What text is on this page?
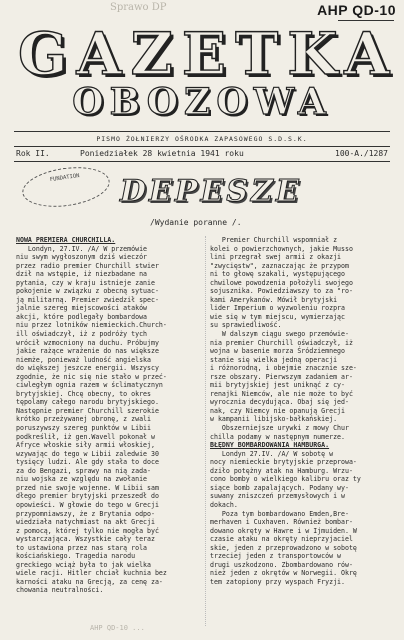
Sprawo DP	AHP QD-10
GAZETKA
OBOZOWA
PISMO ŻOŁNIERZY OŚRODKA ZAPASOWEGO S.D.S.K.
Rok II.	Poniedziałek 28 kwietnia 1941 roku	100-A./1287
FUNDATION	DEPESZE
/Wydanie poranne /.
NOWA PREMIERA CHURCHILLA.
Londyn, 27.IV. /A/ W przemówie
niu swym wygłoszonym dziś wieczór
przez radio premier Churchill stwier
dził na wstępie, iż niezbadane na
pytania, czy w kraju istnieje zanie
pokojenie w związku z obecną sytuac-
ją militarną. Premier zwiedził spec-
jalnie szereg miejscowości ataków
akcji, które podlegały bombardowa
niu przez lotników niemieckich.Church-
ill oświadczył, iż z podróży tych
wrócił wzmocniony na duchu. Próbujmy
jakie rażące wrażenie do nas większe
niemże, ponieważ ludność angielska
do większej jeszcze energii. Wszyscy
zgodnie, że nic się nie stało w przeć-
ciwległym ognia razem w śclimatycznyn
brytyjskiej. Chcę obecny, to okres
tępolamy całego narodu brytyjskiego.
Następnie premier Churchill szerokie
krótko przeżywanej obronę, z zwali
poruszywszy szereg punktów w Libii
podkreślił, iż gen.Wavell pokonał w
Afryce włoskie siły armii włoskiej,
wzywając do tego w Libii zaledwie 30
tysięcy ludzi. Ale gdy stała to doce
za do Bengazi, sprawy na nią zada-
niu wojska ze względu na zwołanie
przed nie swoje wojenne. W Libii sam
dłego premier brytyjski przeszedł do
opowieści. W głowie do tego w Grecji
przypomniawszy, że z Brytania odpo-
wiedziała natychmiast na akt Grecji
z pomocą, której tylko nie mogła być
wystarczająca. Wszystkie cały teraz
to ustawiona przez nas starą rola
kościańskiego. Tragedia narodu
greckiego wciąż była to jak wielka
wiele racji. Hitler chciał kuchnia bez
karności ataku na Grecją, za cenę za-
chowania neutralności.
Premier Churchill wspomniał z
kolei o powierzchownych, jakie Musso
lini przegrał swej armii z okazji
"zwycięstw", zaznaczając że przypom
ni to głowę szakali, występującego
chwilowe powodzenia położyli swojego
sojusznika. Powiedziawszy to za "ro-
kami Amerykanów. Mówił brytyjski
lider Imperium o wyzwoleniu rozpra
wie się w tym miejscu, wymierzając
su sprawiedliwość.
W dalszym ciągu swego przemówie-
nia premier Churchill oświadczył, iż
wojna w basenie morza Śródziemnego
stanie się wielka jedną operacji
i różnorodną, i obejmie znacznie sze-
rsze obszary. Pierwszym zadaniem ar-
mii brytyjskiej jest uniknąć z cy-
renajki Niemców, ale nie może to być
wyrocznia decydująca. Obaj się jed-
nak, czy Niemcy nie opanują Grecji
w kampanii libijsko-bałkańskiej.
Obszerniejsze urywki z mowy Chur
chilla podamy w następnym numerze.
BŁĘDNY BOMBARDOWANIA HAMBURGA.
Londyn 27.IV. /A/ W sobotę w
nocy niemieckie brytyjskie przeprowa-
dziło potężny atak na Hamburg. Wrzu-
cono bomby o wielkiego kalibru oraz ty
siące bomb zapalających. Podany wy-
suwany zniszczeń przemysłowych i w
dokach.
Poza tym bombardowano Emden,Bre-
merhaven i Cuxhaven. Również bombar-
dowano okręty w Hawre i w Ijmuiden. W
czasie ataku na okręty nieprzyjaciel
skie, jeden z przeprowadzono w sobotę
trzeciej jeden z transportowców w
drugi uszkodzono. Zbombardowano rów-
nież jeden z okrętów w Norwegii. Okrę
tem zatopiony przy wyspach Fryzji.
AHP QD-10 ...
